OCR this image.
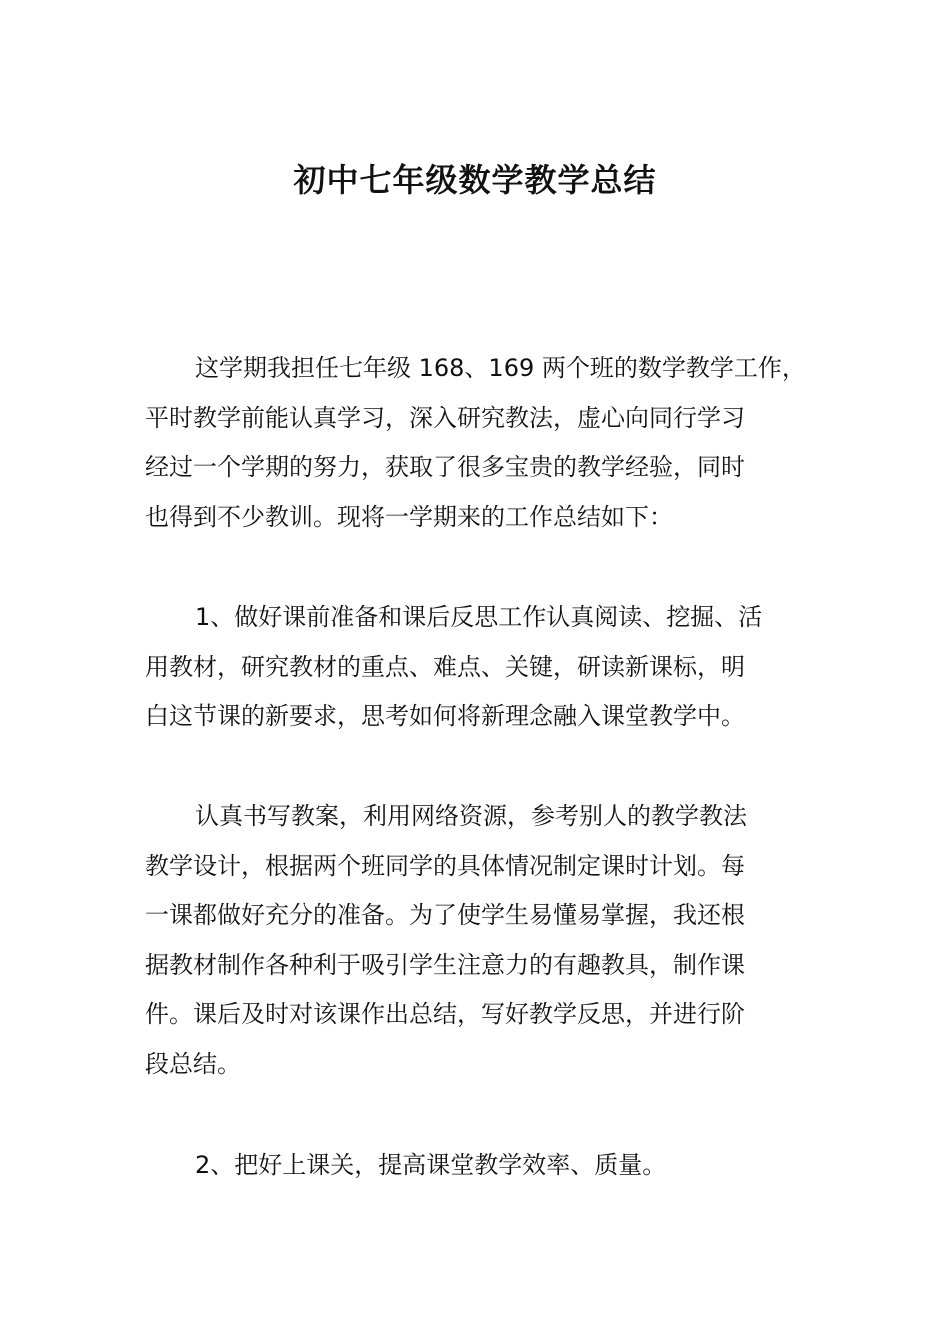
初中七年级数学教学总结
这学期我担任七年级 168、169 两个班的数学教学工作，
平时教学前能认真学习，深入研究教法，虚心向同行学习
经过一个学期的努力，获取了很多宝贵的教学经验，同时
也得到不少教训。现将一学期来的工作总结如下：
1、做好课前准备和课后反思工作认真阅读、挖掘、活
用教材，研究教材的重点、难点、关键，研读新课标，明
白这节课的新要求，思考如何将新理念融入课堂教学中。
认真书写教案，利用网络资源，参考别人的教学教法
教学设计，根据两个班同学的具体情况制定课时计划。每
一课都做好充分的准备。为了使学生易懂易掌握，我还根
据教材制作各种利于吸引学生注意力的有趣教具，制作课
件。课后及时对该课作出总结，写好教学反思，并进行阶
段总结。
2、把好上课关，提高课堂教学效率、质量。
